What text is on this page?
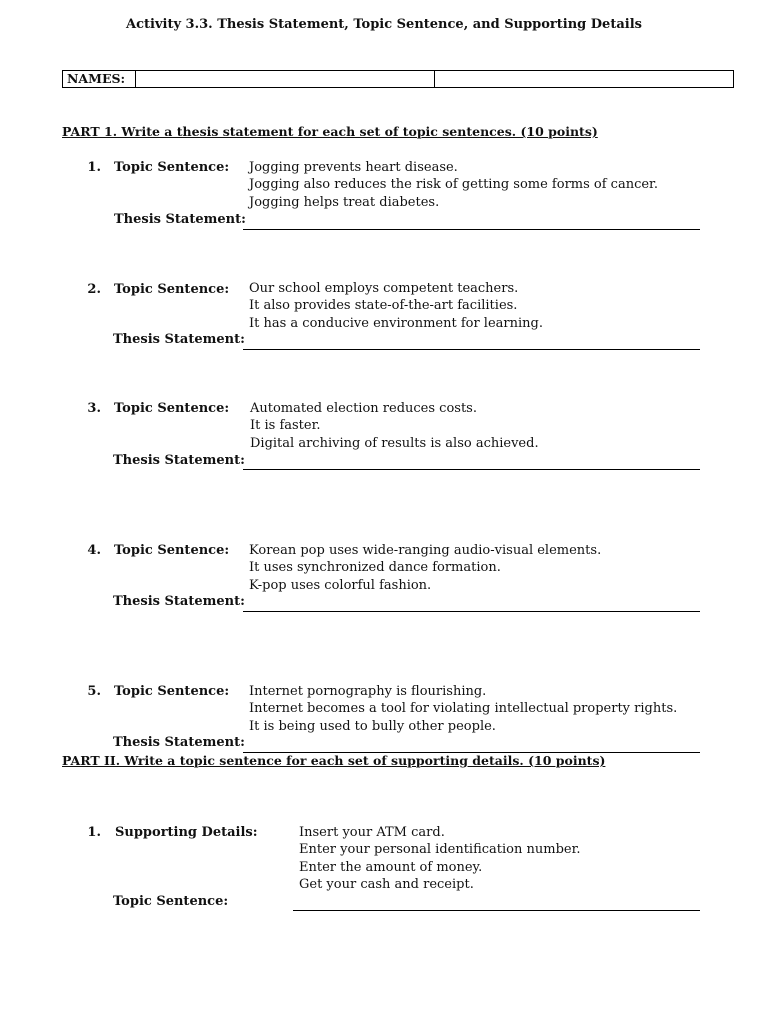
Activity 3.3. Thesis Statement, Topic Sentence, and Supporting Details
NAMES:
PART 1. Write a thesis statement for each set of topic sentences. (10 points)
1. Topic Sentence: Jogging prevents heart disease.
Jogging also reduces the risk of getting some forms of cancer.
Jogging helps treat diabetes.
Thesis Statement:
2. Topic Sentence: Our school employs competent teachers.
It also provides state-of-the-art facilities.
It has a conducive environment for learning.
Thesis Statement:
3. Topic Sentence: Automated election reduces costs.
It is faster.
Digital archiving of results is also achieved.
Thesis Statement:
4. Topic Sentence: Korean pop uses wide-ranging audio-visual elements.
It uses synchronized dance formation.
K-pop uses colorful fashion.
Thesis Statement:
5. Topic Sentence: Internet pornography is flourishing.
Internet becomes a tool for violating intellectual property rights.
It is being used to bully other people.
Thesis Statement:
PART II. Write a topic sentence for each set of supporting details. (10 points)
1. Supporting Details:	Insert your ATM card.
Enter your personal identification number.
Enter the amount of money.
Get your cash and receipt.
Topic Sentence:
